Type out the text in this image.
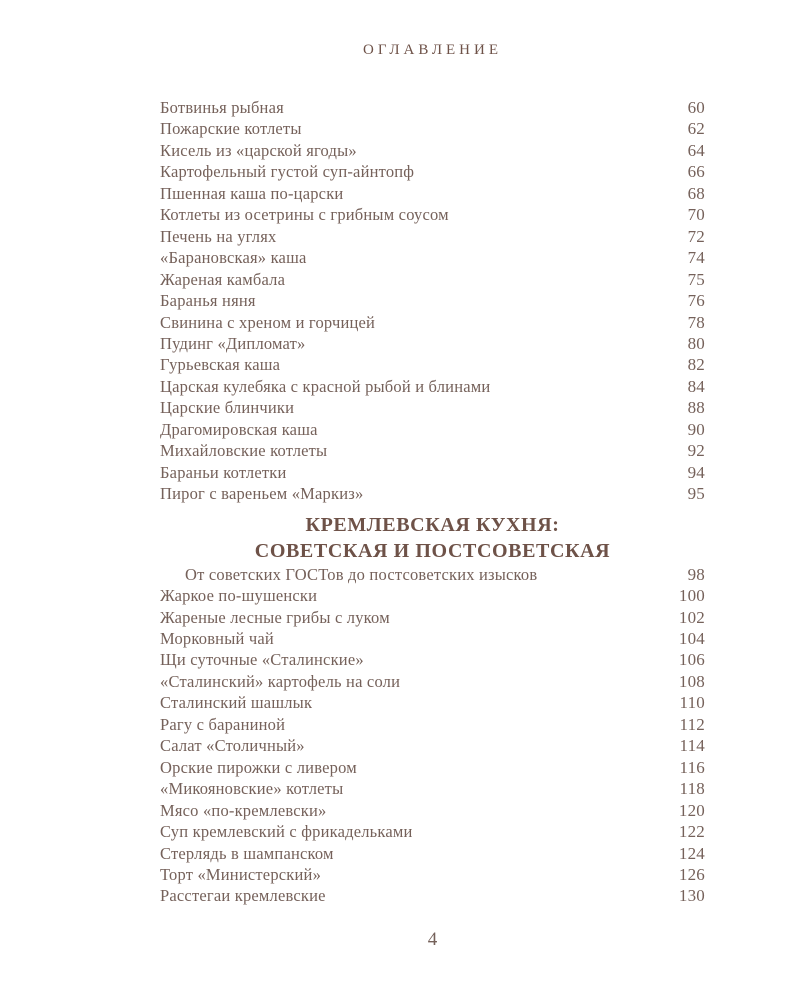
ОГЛАВЛЕНИЕ
Ботвинья рыбная	60
Пожарские котлеты	62
Кисель из «царской ягоды»	64
Картофельный густой суп-айнтопф	66
Пшенная каша по-царски	68
Котлеты из осетрины с грибным соусом	70
Печень на углях	72
«Барановская» каша	74
Жареная камбала	75
Баранья няня	76
Свинина с хреном и горчицей	78
Пудинг «Дипломат»	80
Гурьевская каша	82
Царская кулебяка с красной рыбой и блинами	84
Царские блинчики	88
Драгомировская каша	90
Михайловские котлеты	92
Бараньи котлетки	94
Пирог с вареньем «Маркиз»	95
КРЕМЛЕВСКАЯ КУХНЯ:
СОВЕТСКАЯ И ПОСТСОВЕТСКАЯ
От советских ГОСТов до постсоветских изысков	98
Жаркое по-шушенски	100
Жареные лесные грибы с луком	102
Морковный чай	104
Щи суточные «Сталинские»	106
«Сталинский» картофель на соли	108
Сталинский шашлык	110
Рагу с бараниной	112
Салат «Столичный»	114
Орские пирожки с ливером	116
«Микояновские» котлеты	118
Мясо «по-кремлевски»	120
Суп кремлевский с фрикадельками	122
Стерлядь в шампанском	124
Торт «Министерский»	126
Расстегаи кремлевские	130
4
